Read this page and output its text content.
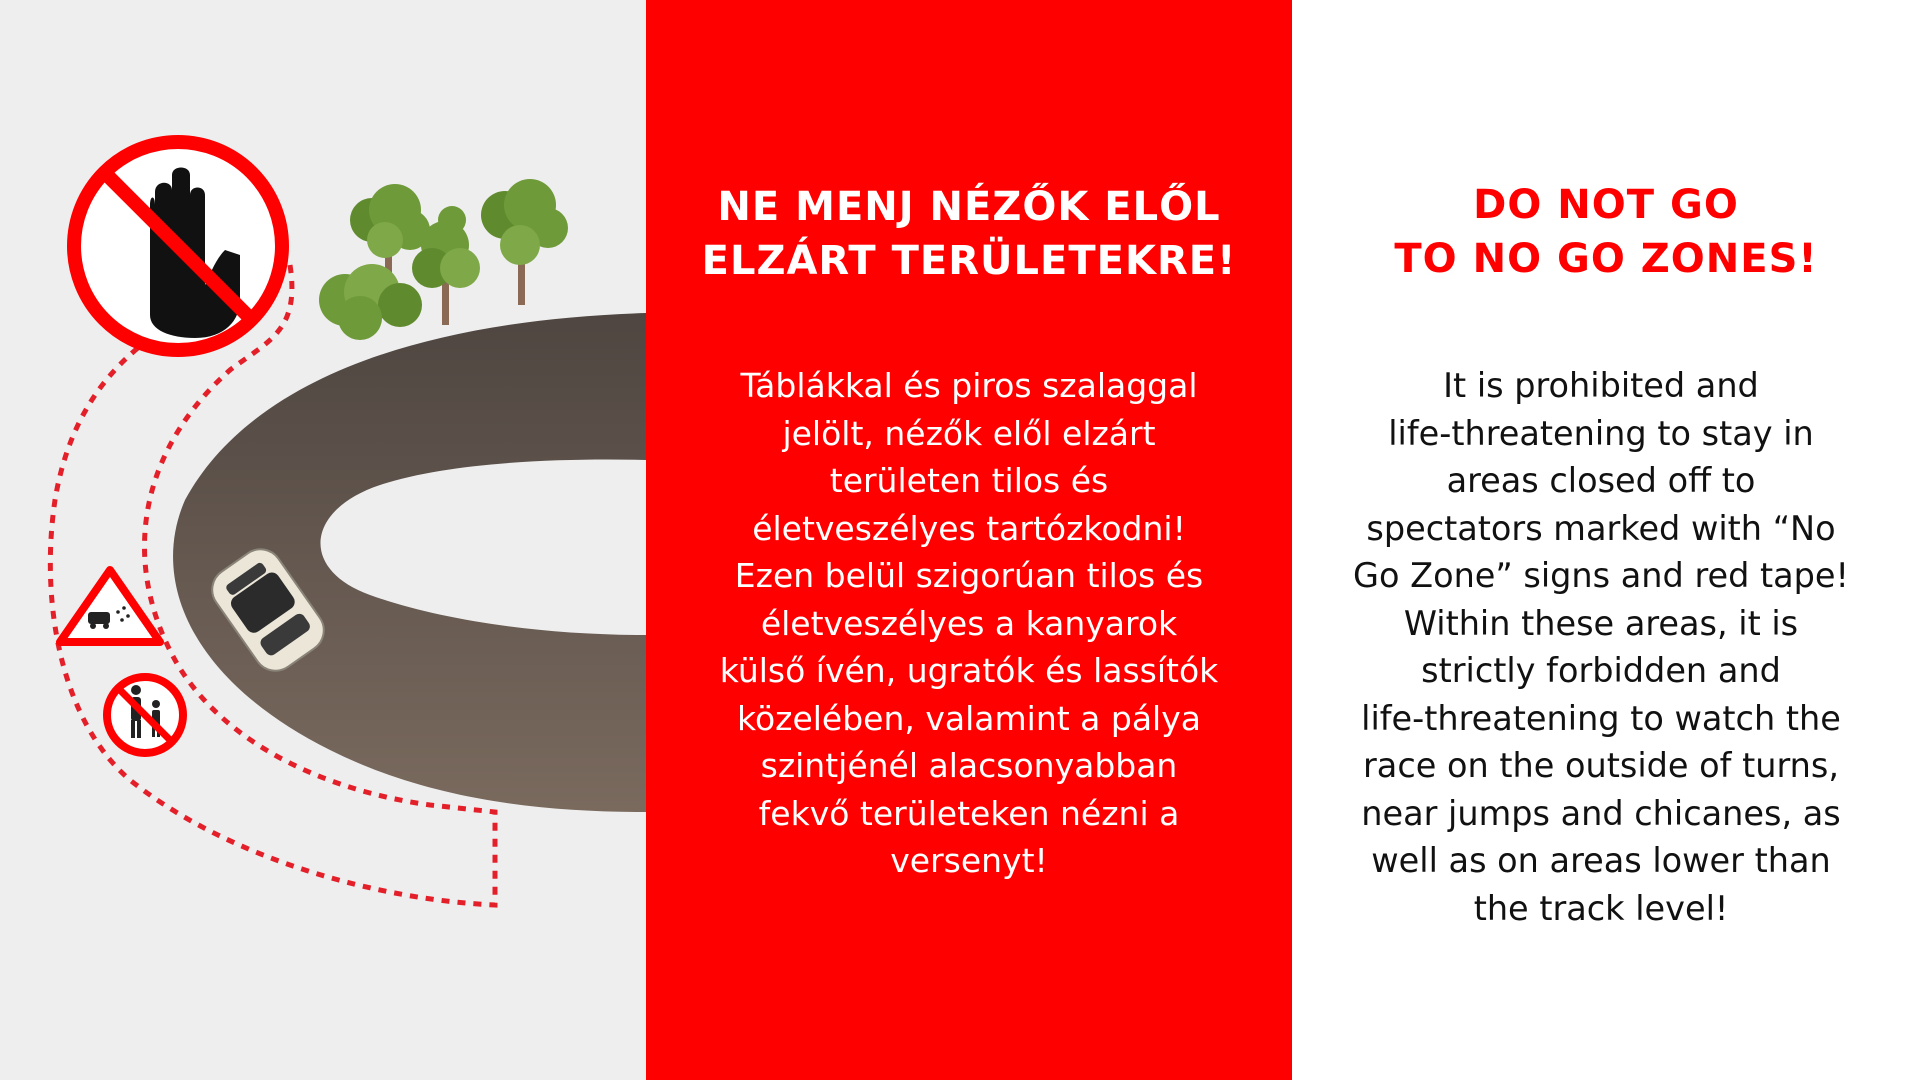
NE MENJ NÉZŐK ELŐL
ELZÁRT TERÜLETEKRE!
Táblákkal és piros szalaggal
jelölt, nézők elől elzárt
területen tilos és
életveszélyes tartózkodni!
Ezen belül szigorúan tilos és
életveszélyes a kanyarok
külső ívén, ugratók és lassítók
közelében, valamint a pálya
szintjénél alacsonyabban
fekvő területeken nézni a
versenyt!
DO NOT GO
TO NO GO ZONES!
It is prohibited and
life-threatening to stay in
areas closed off to
spectators marked with “No
Go Zone” signs and red tape!
Within these areas, it is
strictly forbidden and
life-threatening to watch the
race on the outside of turns,
near jumps and chicanes, as
well as on areas lower than
the track level!
